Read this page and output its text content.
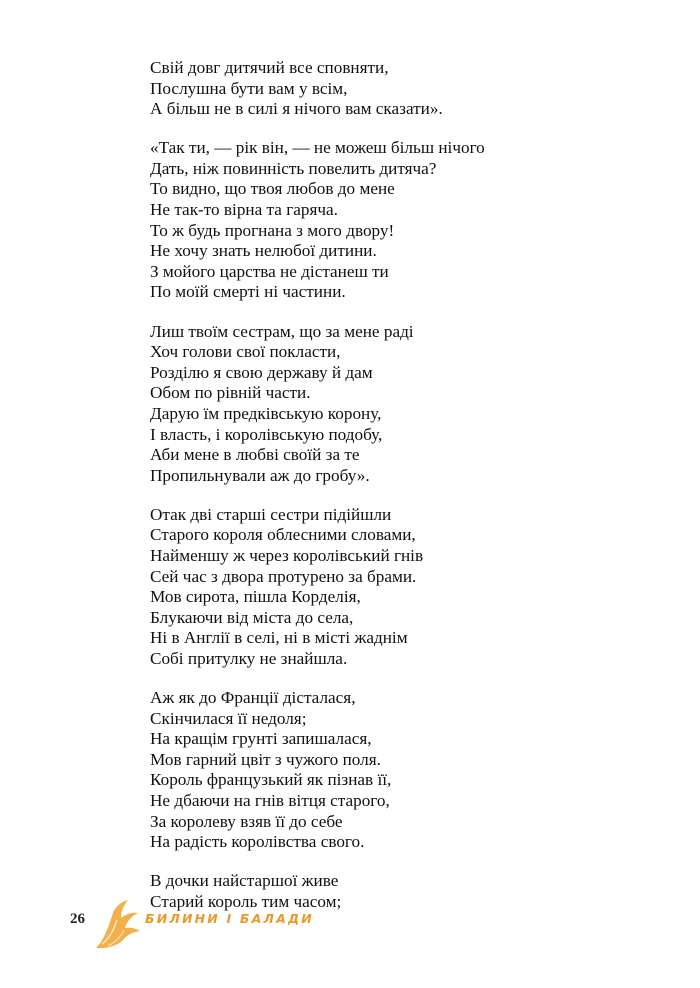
Свій довг дитячий все сповняти,
Послушна бути вам у всім,
А більш не в силі я нічого вам сказати».
«Так ти, — рік він, — не можеш більш нічого
Дать, ніж повинність повелить дитяча?
То видно, що твоя любов до мене
Не так-то вірна та гаряча.
То ж будь прогнана з мого двору!
Не хочу знать нелюбої дитини.
З мойого царства не дістанеш ти
По моїй смерті ні частини.
Лиш твоїм сестрам, що за мене раді
Хоч голови свої покласти,
Розділю я свою державу й дам
Обом по рівній части.
Дарую їм предківськую корону,
І власть, і королівськую подобу,
Аби мене в любві своїй за те
Пропильнували аж до гробу».
Отак дві старші сестри підійшли
Старого короля облесними словами,
Найменшу ж через королівський гнів
Сей час з двора протурено за брами.
Мов сирота, пішла Корделія,
Блукаючи від міста до села,
Ні в Англії в селі, ні в місті жаднім
Собі притулку не знайшла.
Аж як до Франції дісталася,
Скінчилася її недоля;
На кращім грунті запишалася,
Мов гарний цвіт з чужого поля.
Король французький як пізнав її,
Не дбаючи на гнів вітця старого,
За королеву взяв її до себе
На радість королівства свого.
В дочки найстаршої живе
Старий король тим часом;
26	БИЛИНИ І БАЛАДИ
